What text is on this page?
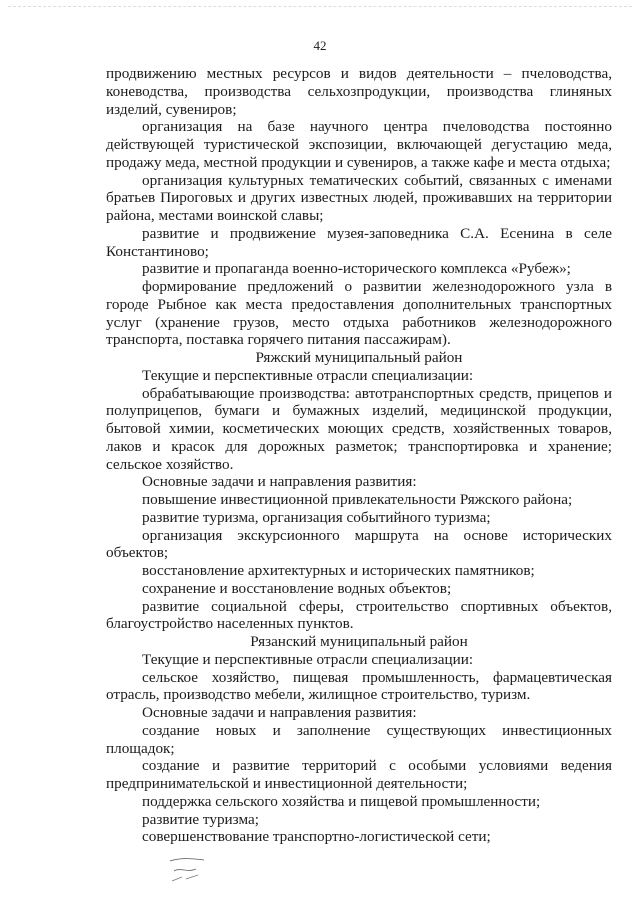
42

продвижению местных ресурсов и видов деятельности – пчеловодства, коневодства, производства сельхозпродукции, производства глиняных изделий, сувениров;

организация на базе научного центра пчеловодства постоянно действующей туристической экспозиции, включающей дегустацию меда, продажу меда, местной продукции и сувениров, а также кафе и места отдыха;

организация культурных тематических событий, связанных с именами братьев Пироговых и других известных людей, проживавших на территории района, местами воинской славы;

развитие и продвижение музея-заповедника С.А. Есенина в селе Константиново;

развитие и пропаганда военно-исторического комплекса «Рубеж»;

формирование предложений о развитии железнодорожного узла в городе Рыбное как места предоставления дополнительных транспортных услуг (хранение грузов, место отдыха работников железнодорожного транспорта, поставка горячего питания пассажирам).

Ряжский муниципальный район

Текущие и перспективные отрасли специализации:

обрабатывающие производства: автотранспортных средств, прицепов и полуприцепов, бумаги и бумажных изделий, медицинской продукции, бытовой химии, косметических моющих средств, хозяйственных товаров, лаков и красок для дорожных разметок; транспортировка и хранение; сельское хозяйство.

Основные задачи и направления развития:

повышение инвестиционной привлекательности Ряжского района;

развитие туризма, организация событийного туризма;

организация экскурсионного маршрута на основе исторических объектов;

восстановление архитектурных и исторических памятников;

сохранение и восстановление водных объектов;

развитие социальной сферы, строительство спортивных объектов, благоустройство населенных пунктов.

Рязанский муниципальный район

Текущие и перспективные отрасли специализации:

сельское хозяйство, пищевая промышленность, фармацевтическая отрасль, производство мебели, жилищное строительство, туризм.

Основные задачи и направления развития:

создание новых и заполнение существующих инвестиционных площадок;

создание и развитие территорий с особыми условиями ведения предпринимательской и инвестиционной деятельности;

поддержка сельского хозяйства и пищевой промышленности;

развитие туризма;

совершенствование транспортно-логистической сети;
